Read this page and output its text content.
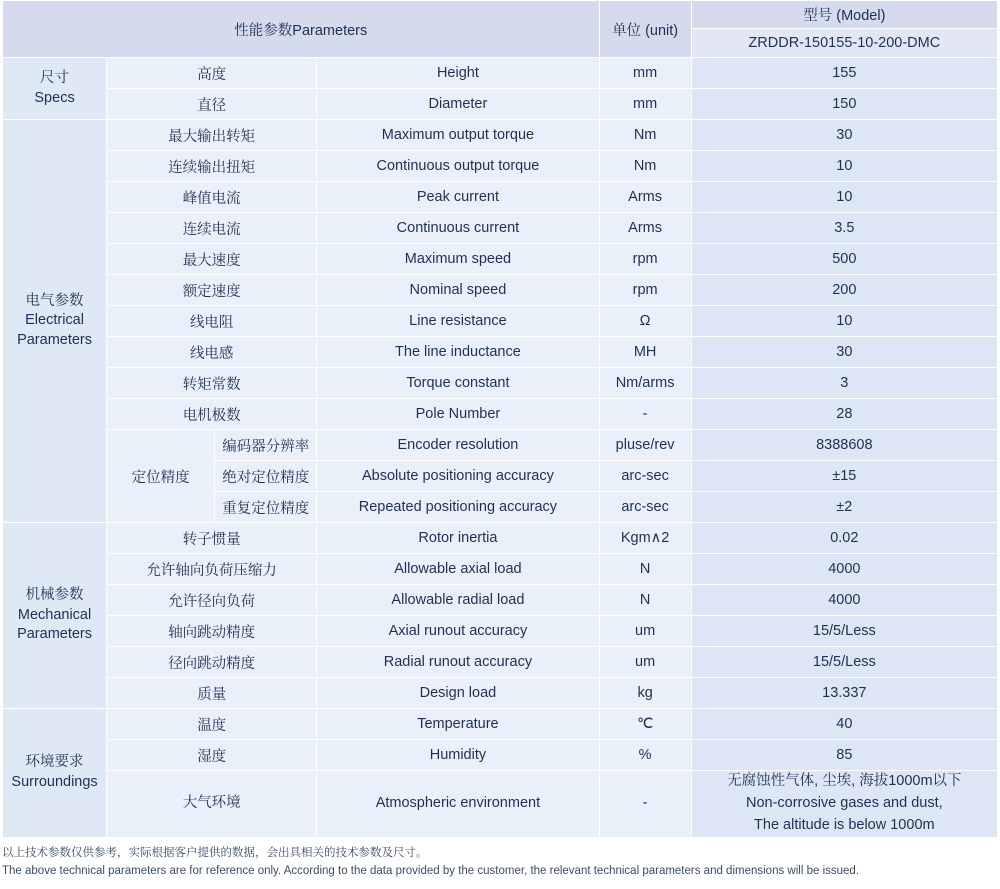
性能参数Parameters				单位 (unit)	型号 (Model)
					ZRDDR-150155-10-200-DMC
尺寸
Specs	高度		Height	mm	155
	直径		Diameter	mm	150
电气参数
Electrical
Parameters	最大输出转矩		Maximum output torque	Nm	30
	连续输出扭矩		Continuous output torque	Nm	10
	峰值电流		Peak current	Arms	10
	连续电流		Continuous current	Arms	3.5
	最大速度		Maximum speed	rpm	500
	额定速度		Nominal speed	rpm	200
	线电阻		Line resistance	Ω	10
	线电感		The line inductance	MH	30
	转矩常数		Torque constant	Nm/arms	3
	电机极数		Pole Number	-	28
	定位精度	编码器分辨率	Encoder resolution	pluse/rev	8388608
		绝对定位精度	Absolute positioning accuracy	arc-sec	±15
		重复定位精度	Repeated positioning accuracy	arc-sec	±2
机械参数
Mechanical
Parameters	转子惯量		Rotor inertia	Kgm∧2	0.02
	允许轴向负荷压缩力		Allowable axial load	N	4000
	允许径向负荷		Allowable radial load	N	4000
	轴向跳动精度		Axial runout accuracy	um	15/5/Less
	径向跳动精度		Radial runout accuracy	um	15/5/Less
	质量		Design load	kg	13.337
环境要求
Surroundings	温度		Temperature	℃	40
	湿度		Humidity	%	85
	大气环境		Atmospheric environment	-	无腐蚀性气体, 尘埃, 海拔1000m以下
Non-corrosive gases and dust,
The altitude is below 1000m
以上技术参数仅供参考，实际根据客户提供的数据，会出具相关的技术参数及尺寸。
The above technical parameters are for reference only. According to the data provided by the customer, the relevant technical parameters and dimensions will be issued.
